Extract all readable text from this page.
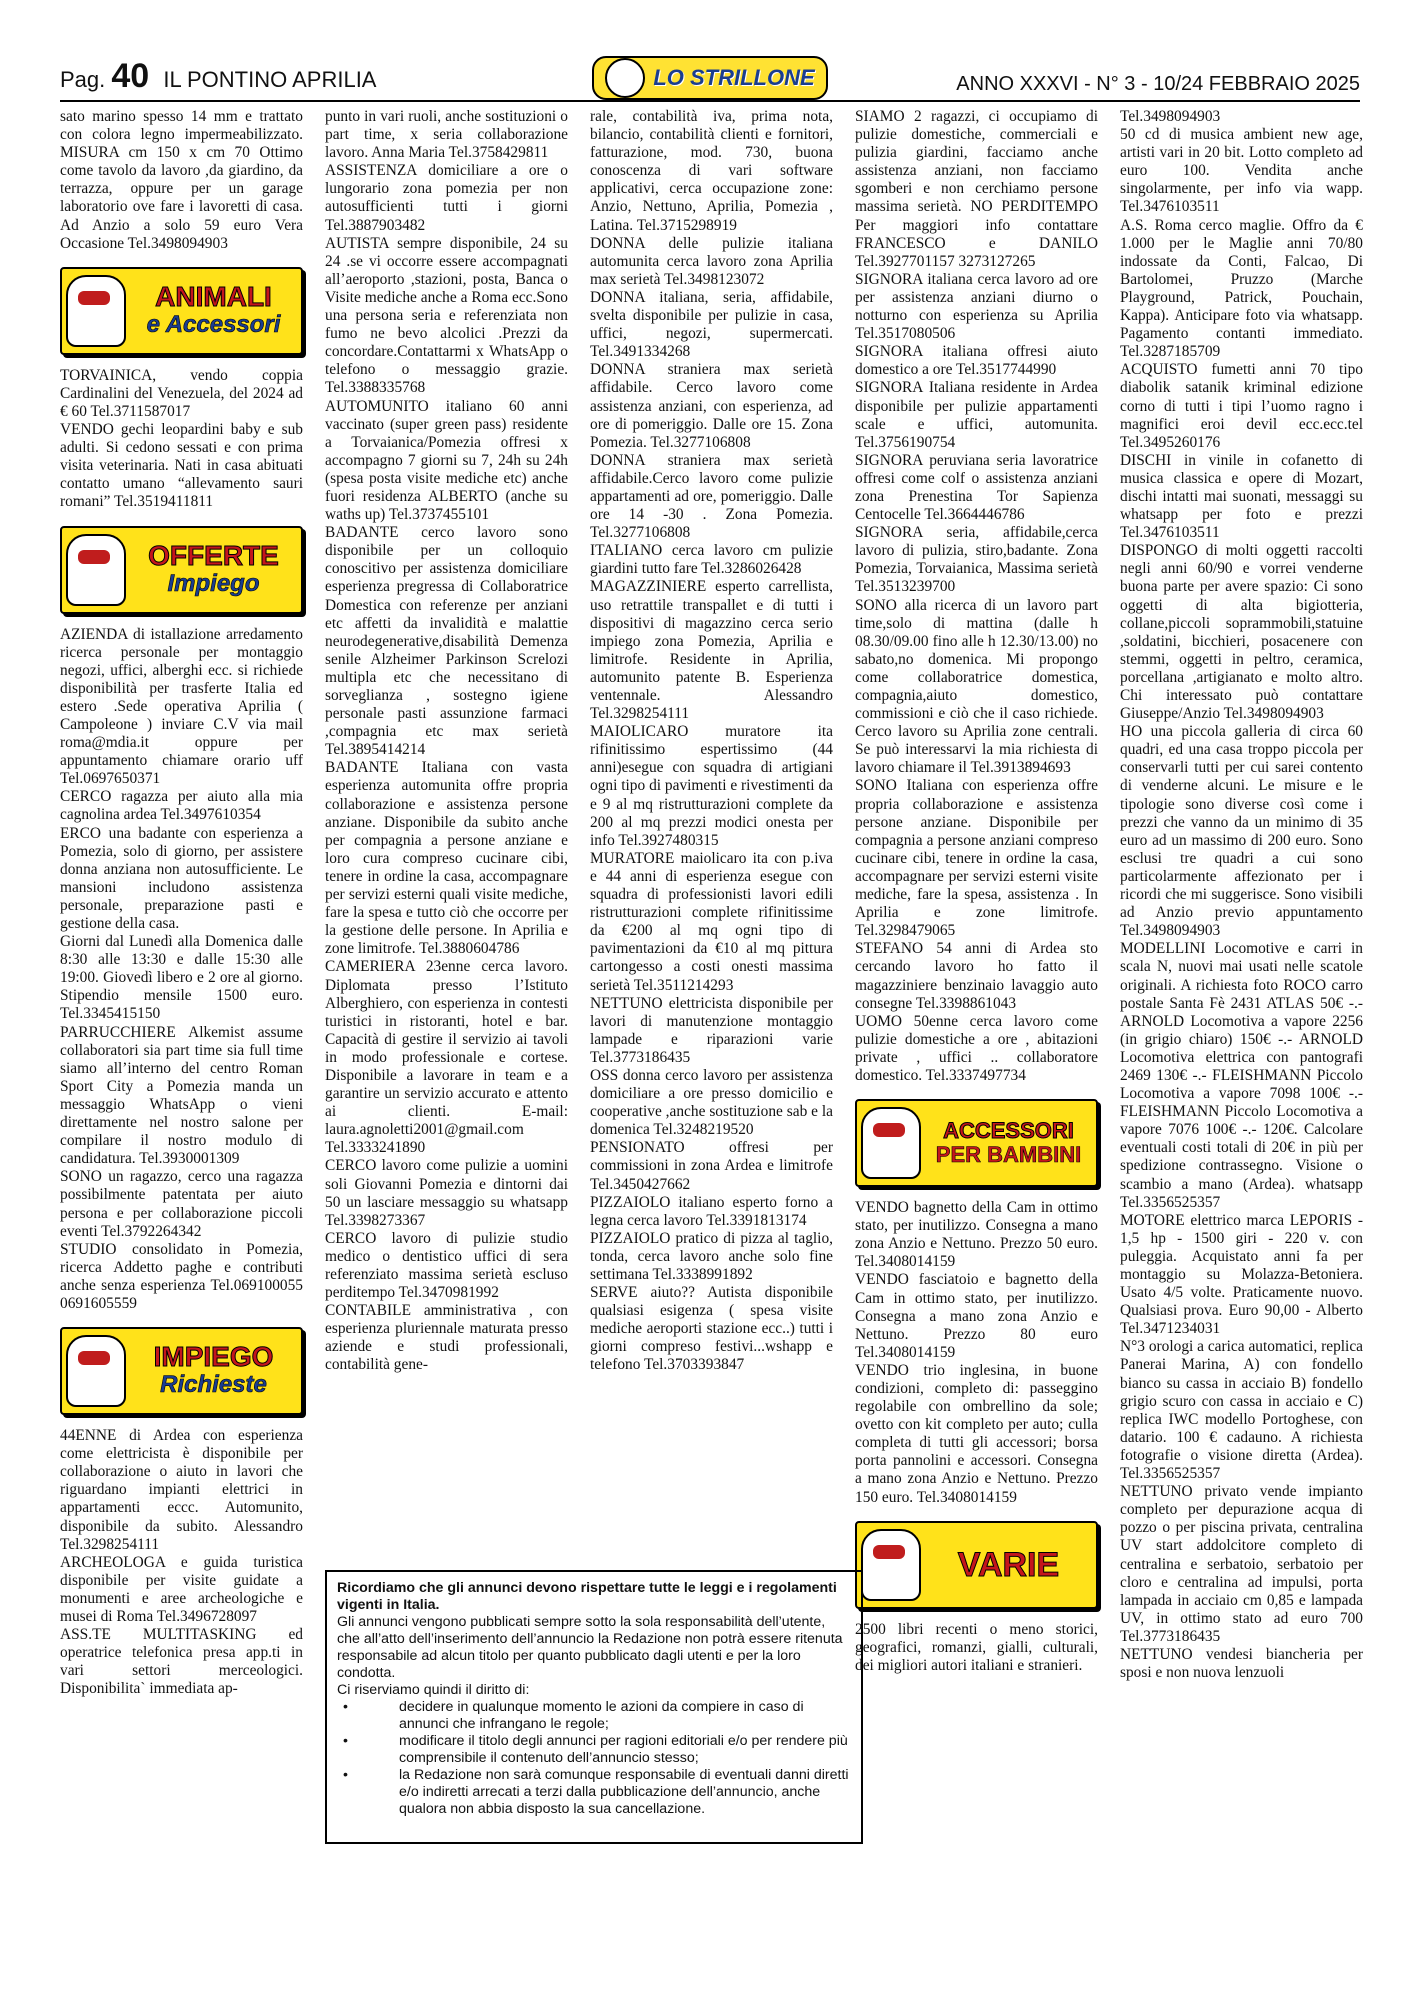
Pag. 40 IL PONTINO APRILIA	ANNO XXXVI - N° 3 - 10/24 FEBBRAIO 2025
LO STRILLONE

sato marino spesso 14 mm e trattato con colora legno impermeabilizzato. MISURA cm 150 x cm 70 Ottimo come tavolo da lavoro ,da giardino, da terrazza, oppure per un garage laboratorio ove fare i lavoretti di casa. Ad Anzio a solo 59 euro Vera Occasione Tel.3498094903

ANIMALI
e Accessori

TORVAINICA, vendo coppia Cardinalini del Venezuela, del 2024 ad € 60 Tel.3711587017

VENDO gechi leopardini baby e sub adulti. Si cedono sessati e con prima visita veterinaria. Nati in casa abituati contatto umano “allevamento sauri romani” Tel.3519411811

OFFERTE
Impiego

AZIENDA di istallazione arredamento ricerca personale per montaggio negozi, uffici, alberghi ecc. si richiede disponibilità per trasferte Italia ed estero .Sede operativa Aprilia ( Campoleone ) inviare C.V via mail roma@mdia.it oppure per appuntamento chiamare orario uff Tel.0697650371

CERCO ragazza per aiuto alla mia cagnolina ardea Tel.3497610354

ERCO una badante con esperienza a Pomezia, solo di giorno, per assistere donna anziana non autosufficiente. Le mansioni includono assistenza personale, preparazione pasti e gestione della casa.

Giorni dal Lunedì alla Domenica dalle 8:30 alle 13:30 e dalle 15:30 alle 19:00. Giovedì libero e 2 ore al giorno. Stipendio mensile 1500 euro. Tel.3345415150

PARRUCCHIERE Alkemist assume collaboratori sia part time sia full time siamo all’interno del centro Roman Sport City a Pomezia manda un messaggio WhatsApp o vieni direttamente nel nostro salone per compilare il nostro modulo di candidatura. Tel.3930001309

SONO un ragazzo, cerco una ragazza possibilmente patentata per aiuto persona e per collaborazione piccoli eventi Tel.3792264342

STUDIO consolidato in Pomezia, ricerca Addetto paghe e contributi anche senza esperienza Tel.069100055 0691605559

IMPIEGO
Richieste

44ENNE di Ardea con esperienza come elettricista è disponibile per collaborazione o aiuto in lavori che riguardano impianti elettrici in appartamenti eccc. Automunito, disponibile da subito. Alessandro Tel.3298254111

ARCHEOLOGA e guida turistica disponibile per visite guidate a monumenti e aree archeologiche e musei di Roma Tel.3496728097

ASS.TE MULTITASKING ed operatrice telefonica presa app.ti in vari settori merceologici. Disponibilita` immediata ap-

punto in vari ruoli, anche sostituzioni o part time, x seria collaborazione lavoro. Anna Maria Tel.3758429811

ASSISTENZA domiciliare a ore o lungorario zona pomezia per non autosufficienti tutti i giorni Tel.3887903482

AUTISTA sempre disponibile, 24 su 24 .se vi occorre essere accompagnati all’aeroporto ,stazioni, posta, Banca o Visite mediche anche a Roma ecc.Sono una persona seria e referenziata non fumo ne bevo alcolici .Prezzi da concordare.Contattarmi x WhatsApp o telefono o messaggio grazie. Tel.3388335768

AUTOMUNITO italiano 60 anni vaccinato (super green pass) residente a Torvaianica/Pomezia offresi x accompagno 7 giorni su 7, 24h su 24h (spesa posta visite mediche etc) anche fuori residenza ALBERTO (anche su waths up) Tel.3737455101

BADANTE cerco lavoro sono disponibile per un colloquio conoscitivo per assistenza domiciliare esperienza pregressa di Collaboratrice Domestica con referenze per anziani etc affetti da invalidità e malattie neurodegenerative,disabilità Demenza senile Alzheimer Parkinson Screlozi multipla etc che necessitano di sorveglianza , sostegno igiene personale pasti assunzione farmaci ,compagnia etc max serietà Tel.3895414214

BADANTE Italiana con vasta esperienza automunita offre propria collaborazione e assistenza persone anziane. Disponibile da subito anche per compagnia a persone anziane e loro cura compreso cucinare cibi, tenere in ordine la casa, accompagnare per servizi esterni quali visite mediche, fare la spesa e tutto ciò che occorre per la gestione delle persone. In Aprilia e zone limitrofe. Tel.3880604786

CAMERIERA 23enne cerca lavoro. Diplomata presso l’Istituto Alberghiero, con esperienza in contesti turistici in ristoranti, hotel e bar. Capacità di gestire il servizio ai tavoli in modo professionale e cortese. Disponibile a lavorare in team e a garantire un servizio accurato e attento ai clienti. E-mail: laura.agnoletti2001@gmail.com Tel.3333241890

CERCO lavoro come pulizie a uomini soli Giovanni Pomezia e dintorni dai 50 un lasciare messaggio su whatsapp Tel.3398273367

CERCO lavoro di pulizie studio medico o dentistico uffici di sera referenziato massima serietà escluso perditempo Tel.3470981992

CONTABILE amministrativa , con esperienza pluriennale maturata presso aziende e studi professionali, contabilità gene-

rale, contabilità iva, prima nota, bilancio, contabilità clienti e fornitori, fatturazione, mod. 730, buona conoscenza di vari software applicativi, cerca occupazione zone: Anzio, Nettuno, Aprilia, Pomezia , Latina. Tel.3715298919

DONNA delle pulizie italiana automunita cerca lavoro zona Aprilia max serietà Tel.3498123072

DONNA italiana, seria, affidabile, svelta disponibile per pulizie in casa, uffici, negozi, supermercati. Tel.3491334268

DONNA straniera max serietà affidabile. Cerco lavoro come assistenza anziani, con esperienza, ad ore di pomeriggio. Dalle ore 15. Zona Pomezia. Tel.3277106808

DONNA straniera max serietà affidabile.Cerco lavoro come pulizie appartamenti ad ore, pomeriggio. Dalle ore 14 -30 . Zona Pomezia. Tel.3277106808

ITALIANO cerca lavoro cm pulizie giardini tutto fare Tel.3286026428

MAGAZZINIERE esperto carrellista, uso retrattile transpallet e di tutti i dispositivi di magazzino cerca serio impiego zona Pomezia, Aprilia e limitrofe. Residente in Aprilia, automunito patente B. Esperienza ventennale. Alessandro Tel.3298254111

MAIOLICARO muratore ita rifinitissimo espertissimo (44 anni)esegue con squadra di artigiani ogni tipo di pavimenti e rivestimenti da e 9 al mq ristrutturazioni complete da 200 al mq prezzi modici onesta per info Tel.3927480315

MURATORE maiolicaro ita con p.iva e 44 anni di esperienza esegue con squadra di professionisti lavori edili ristrutturazioni complete rifinitissime da €200 al mq ogni tipo di pavimentazioni da €10 al mq pittura cartongesso a costi onesti massima serietà Tel.3511214293

NETTUNO elettricista disponibile per lavori di manutenzione montaggio lampade e riparazioni varie Tel.3773186435

OSS donna cerco lavoro per assistenza domiciliare a ore presso domicilio e cooperative ,anche sostituzione sab e la domenica Tel.3248219520

PENSIONATO offresi per commissioni in zona Ardea e limitrofe Tel.3450427662

PIZZAIOLO italiano esperto forno a legna cerca lavoro Tel.3391813174

PIZZAIOLO pratico di pizza al taglio, tonda, cerca lavoro anche solo fine settimana Tel.3338991892

SERVE aiuto?? Autista disponibile qualsiasi esigenza ( spesa visite mediche aeroporti stazione ecc..) tutti i giorni compreso festivi...wshapp e telefono Tel.3703393847

SIAMO 2 ragazzi, ci occupiamo di pulizie domestiche, commerciali e pulizia giardini, facciamo anche assistenza anziani, non facciamo sgomberi e non cerchiamo persone massima serietà. NO PERDITEMPO Per maggiori info contattare FRANCESCO e DANILO Tel.3927701157 3273127265

SIGNORA italiana cerca lavoro ad ore per assistenza anziani diurno o notturno con esperienza su Aprilia Tel.3517080506

SIGNORA italiana offresi aiuto domestico a ore Tel.3517744990

SIGNORA Italiana residente in Ardea disponibile per pulizie appartamenti scale e uffici, automunita. Tel.3756190754

SIGNORA peruviana seria lavoratrice offresi come colf o assistenza anziani zona Prenestina Tor Sapienza Centocelle Tel.3664446786

SIGNORA seria, affidabile,cerca lavoro di pulizia, stiro,badante. Zona Pomezia, Torvaianica, Massima serietà Tel.3513239700

SONO alla ricerca di un lavoro part time,solo di mattina (dalle h 08.30/09.00 fino alle h 12.30/13.00) no sabato,no domenica. Mi propongo come collaboratrice domestica, compagnia,aiuto domestico, commissioni e ciò che il caso richiede. Cerco lavoro su Aprilia zone centrali. Se può interessarvi la mia richiesta di lavoro chiamare il Tel.3913894693

SONO Italiana con esperienza offre propria collaborazione e assistenza persone anziane. Disponibile per compagnia a persone anziani compreso cucinare cibi, tenere in ordine la casa, accompagnare per servizi esterni visite mediche, fare la spesa, assistenza . In Aprilia e zone limitrofe. Tel.3298479065

STEFANO 54 anni di Ardea sto cercando lavoro ho fatto il magazziniere benzinaio lavaggio auto consegne Tel.3398861043

UOMO 50enne cerca lavoro come pulizie domestiche a ore , abitazioni private , uffici .. collaboratore domestico. Tel.3337497734

ACCESSORI
PER BAMBINI

VENDO bagnetto della Cam in ottimo stato, per inutilizzo. Consegna a mano zona Anzio e Nettuno. Prezzo 50 euro. Tel.3408014159

VENDO fasciatoio e bagnetto della Cam in ottimo stato, per inutilizzo. Consegna a mano zona Anzio e Nettuno. Prezzo 80 euro Tel.3408014159

VENDO trio inglesina, in buone condizioni, completo di: passeggino regolabile con ombrellino da sole; ovetto con kit completo per auto; culla completa di tutti gli accessori; borsa porta pannolini e accessori. Consegna a mano zona Anzio e Nettuno. Prezzo 150 euro. Tel.3408014159

VARIE

2500 libri recenti o meno storici, geografici, romanzi, gialli, culturali, dei migliori autori italiani e stranieri.

Tel.3498094903

50 cd di musica ambient new age, artisti vari in 20 bit. Lotto completo ad euro 100. Vendita anche singolarmente, per info via wapp. Tel.3476103511

A.S. Roma cerco maglie. Offro da € 1.000 per le Maglie anni 70/80 indossate da Conti, Falcao, Di Bartolomei, Pruzzo (Marche Playground, Patrick, Pouchain, Kappa). Anticipare foto via whatsapp. Pagamento contanti immediato. Tel.3287185709

ACQUISTO fumetti anni 70 tipo diabolik satanik kriminal edizione corno di tutti i tipi l’uomo ragno i magnifici eroi devil ecc.ecc.tel Tel.3495260176

DISCHI in vinile in cofanetto di musica classica e opere di Mozart, dischi intatti mai suonati, messaggi su whatsapp per foto e prezzi Tel.3476103511

DISPONGO di molti oggetti raccolti negli anni 60/90 e vorrei venderne buona parte per avere spazio: Ci sono oggetti di alta bigiotteria, collane,piccoli soprammobili,statuine ,soldatini, bicchieri, posacenere con stemmi, oggetti in peltro, ceramica, porcellana ,artigianato e molto altro. Chi interessato può contattare Giuseppe/Anzio Tel.3498094903

HO una piccola galleria di circa 60 quadri, ed una casa troppo piccola per conservarli tutti per cui sarei contento di venderne alcuni. Le misure e le tipologie sono diverse così come i prezzi che vanno da un minimo di 35 euro ad un massimo di 200 euro. Sono esclusi tre quadri a cui sono particolarmente affezionato per i ricordi che mi suggerisce. Sono visibili ad Anzio previo appuntamento Tel.3498094903

MODELLINI Locomotive e carri in scala N, nuovi mai usati nelle scatole originali. A richiesta foto ROCO carro postale Santa Fè 2431 ATLAS 50€ -.- ARNOLD Locomotiva a vapore 2256 (in grigio chiaro) 150€ -.- ARNOLD Locomotiva elettrica con pantografi 2469 130€ -.- FLEISHMANN Piccolo Locomotiva a vapore 7098 100€ -.- FLEISHMANN Piccolo Locomotiva a vapore 7076 100€ -.- 120€. Calcolare eventuali costi totali di 20€ in più per spedizione contrassegno. Visione o scambio a mano (Ardea). whatsapp Tel.3356525357

MOTORE elettrico marca LEPORIS - 1,5 hp - 1500 giri - 220 v. con puleggia. Acquistato anni fa per montaggio su Molazza-Betoniera. Usato 4/5 volte. Praticamente nuovo. Qualsiasi prova. Euro 90,00 - Alberto Tel.3471234031

N°3 orologi a carica automatici, replica Panerai Marina, A) con fondello bianco su cassa in acciaio B) fondello grigio scuro con cassa in acciaio e C) replica IWC modello Portoghese, con datario. 100 € cadauno. A richiesta fotografie o visione diretta (Ardea). Tel.3356525357

NETTUNO privato vende impianto completo per depurazione acqua di pozzo o per piscina privata, centralina UV start addolcitore completo di centralina e serbatoio, serbatoio per cloro e centralina ad impulsi, porta lampada in acciaio cm 0,85 e lampada UV, in ottimo stato ad euro 700 Tel.3773186435

NETTUNO vendesi biancheria per sposi e non nuova lenzuoli

Ricordiamo che gli annunci devono rispettare tutte le leggi e i regolamenti vigenti in Italia.
Gli annunci vengono pubblicati sempre sotto la sola responsabilità dell’utente, che all’atto dell’inserimento dell’annuncio la Redazione non potrà essere ritenuta responsabile ad alcun titolo per quanto pubblicato dagli utenti e per la loro condotta.
Ci riserviamo quindi il diritto di:
• decidere in qualunque momento le azioni da compiere in caso di annunci che infrangano le regole;
• modificare il titolo degli annunci per ragioni editoriali e/o per rendere più comprensibile il contenuto dell’annuncio stesso;
• la Redazione non sarà comunque responsabile di eventuali danni diretti e/o indiretti arrecati a terzi dalla pubblicazione dell’annuncio, anche qualora non abbia disposto la sua cancellazione.
